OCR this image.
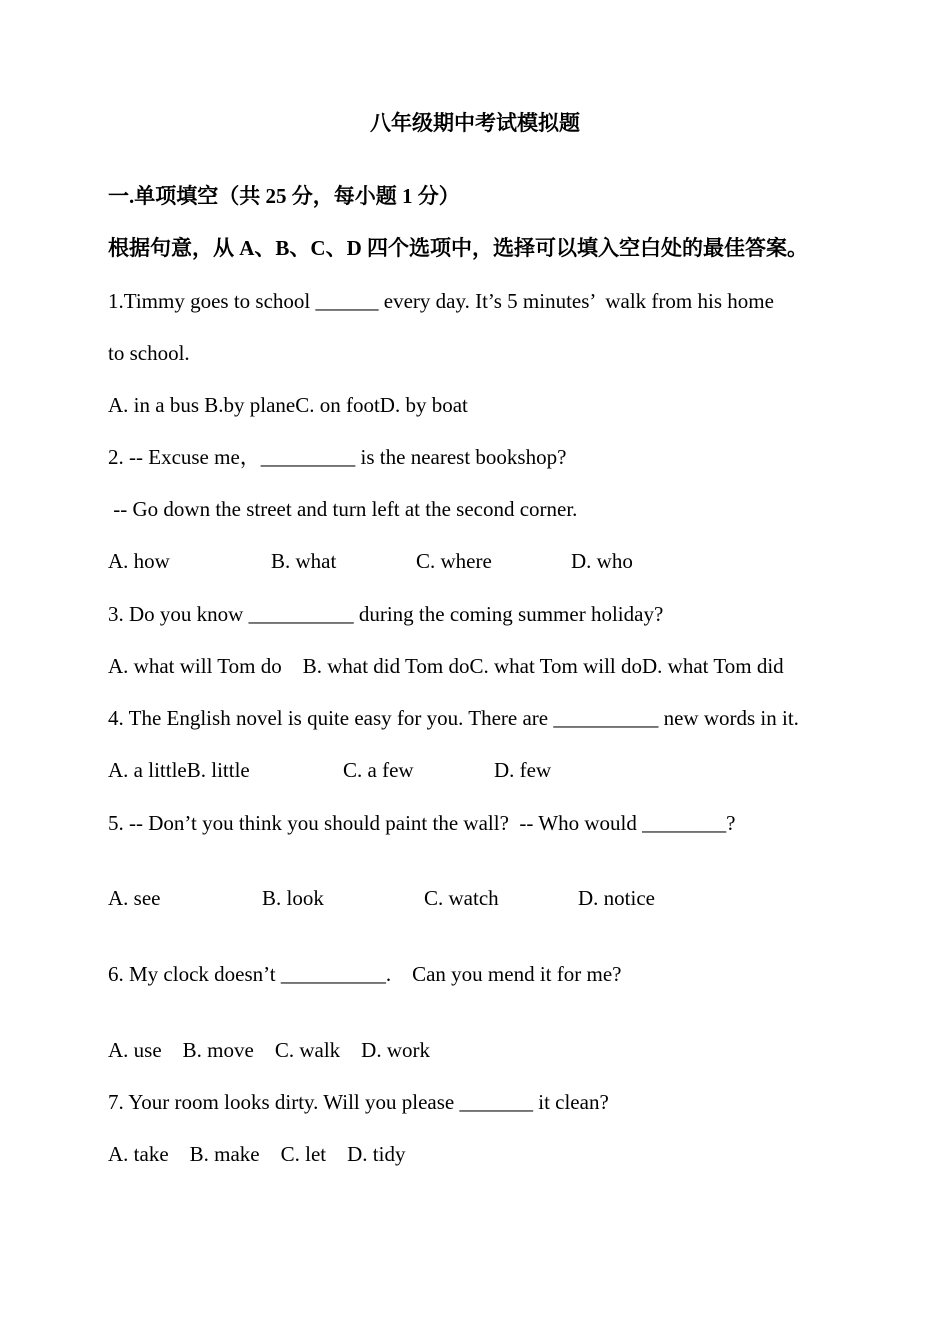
八年级期中考试模拟题
一.单项填空（共 25 分，每小题 1 分）
根据句意，从 A、B、C、D 四个选项中，选择可以填入空白处的最佳答案。
1.Timmy goes to school ______ every day. It’s 5 minutes’  walk from his home
to school.
A. in a bus B.by planeC. on footD. by boat
2. -- Excuse me，_________ is the nearest bookshop?
-- Go down the street and turn left at the second corner.
A. how	B. what	C. where	D. who
3. Do you know __________ during the coming summer holiday?
A. what will Tom do    B. what did Tom doC. what Tom will doD. what Tom did
4. The English novel is quite easy for you. There are __________ new words in it.
A. a littleB. little	C. a few	D. few
5. -- Don’t you think you should paint the wall?  -- Who would ________?
A. see	B. look	C. watch	D. notice
6. My clock doesn’t __________.    Can you mend it for me?
A. use    B. move    C. walk    D. work
7. Your room looks dirty. Will you please _______ it clean?
A. take    B. make    C. let    D. tidy
